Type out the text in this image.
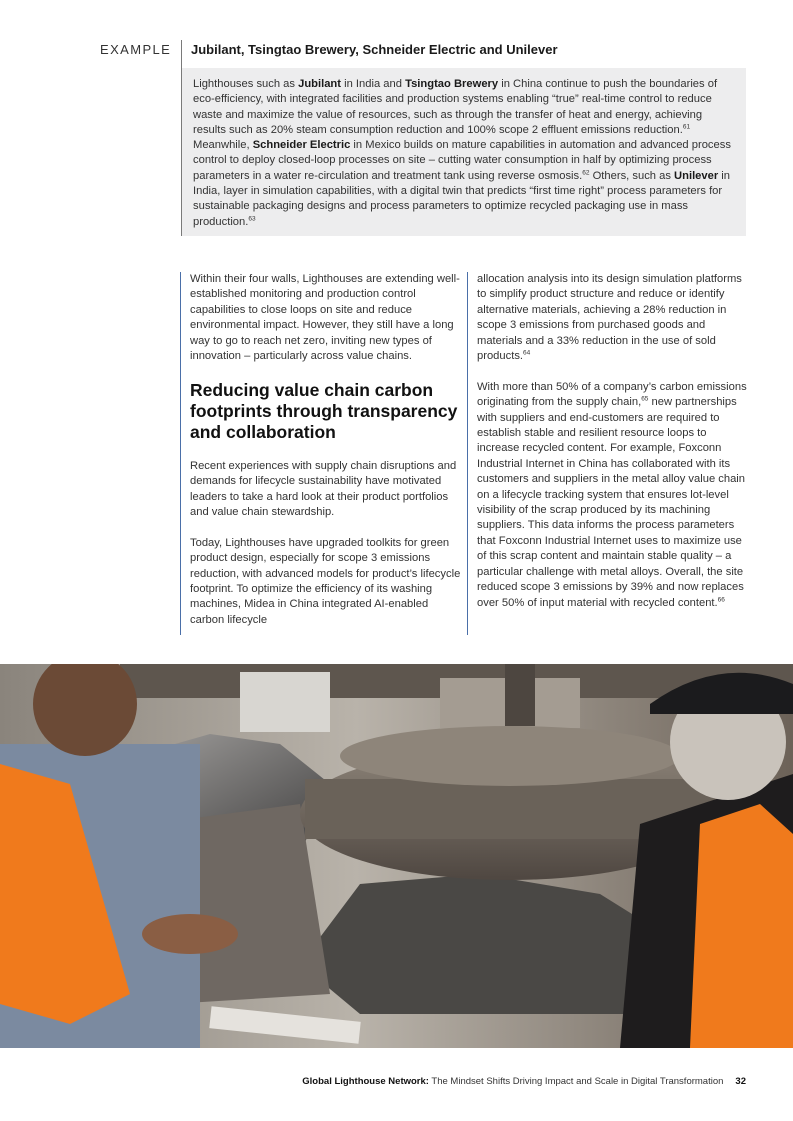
EXAMPLE Jubilant, Tsingtao Brewery, Schneider Electric and Unilever
Lighthouses such as Jubilant in India and Tsingtao Brewery in China continue to push the boundaries of eco-efficiency, with integrated facilities and production systems enabling “true” real-time control to reduce waste and maximize the value of resources, such as through the transfer of heat and energy, achieving results such as 20% steam consumption reduction and 100% scope 2 effluent emissions reduction.$^{61}$ Meanwhile, Schneider Electric in Mexico builds on mature capabilities in automation and advanced process control to deploy closed-loop processes on site – cutting water consumption in half by optimizing process parameters in a water re-circulation and treatment tank using reverse osmosis.$^{62}$ Others, such as Unilever in India, layer in simulation capabilities, with a digital twin that predicts “first time right” process parameters for sustainable packaging designs and process parameters to optimize recycled packaging use in mass production.$^{63}$

Within their four walls, Lighthouses are extending well-established monitoring and production control capabilities to close loops on site and reduce environmental impact. However, they still have a long way to go to reach net zero, inviting new types of innovation – particularly across value chains.

Reducing value chain carbon footprints through transparency and collaboration

Recent experiences with supply chain disruptions and demands for lifecycle sustainability have motivated leaders to take a hard look at their product portfolios and value chain stewardship.

Today, Lighthouses have upgraded toolkits for green product design, especially for scope 3 emissions reduction, with advanced models for product’s lifecycle footprint. To optimize the efficiency of its washing machines, Midea in China integrated AI-enabled carbon lifecycle

allocation analysis into its design simulation platforms to simplify product structure and reduce or identify alternative materials, achieving a 28% reduction in scope 3 emissions from purchased goods and materials and a 33% reduction in the use of sold products.$^{64}$

With more than 50% of a company’s carbon emissions originating from the supply chain,$^{65}$ new partnerships with suppliers and end-customers are required to establish stable and resilient resource loops to increase recycled content. For example, Foxconn Industrial Internet in China has collaborated with its customers and suppliers in the metal alloy value chain on a lifecycle tracking system that ensures lot-level visibility of the scrap produced by its machining suppliers. This data informs the process parameters that Foxconn Industrial Internet uses to maximize use of this scrap content and maintain stable quality – a particular challenge with metal alloys. Overall, the site reduced scope 3 emissions by 39% and now replaces over 50% of input material with recycled content.$^{66}$

Global Lighthouse Network: The Mindset Shifts Driving Impact and Scale in Digital Transformation 32
